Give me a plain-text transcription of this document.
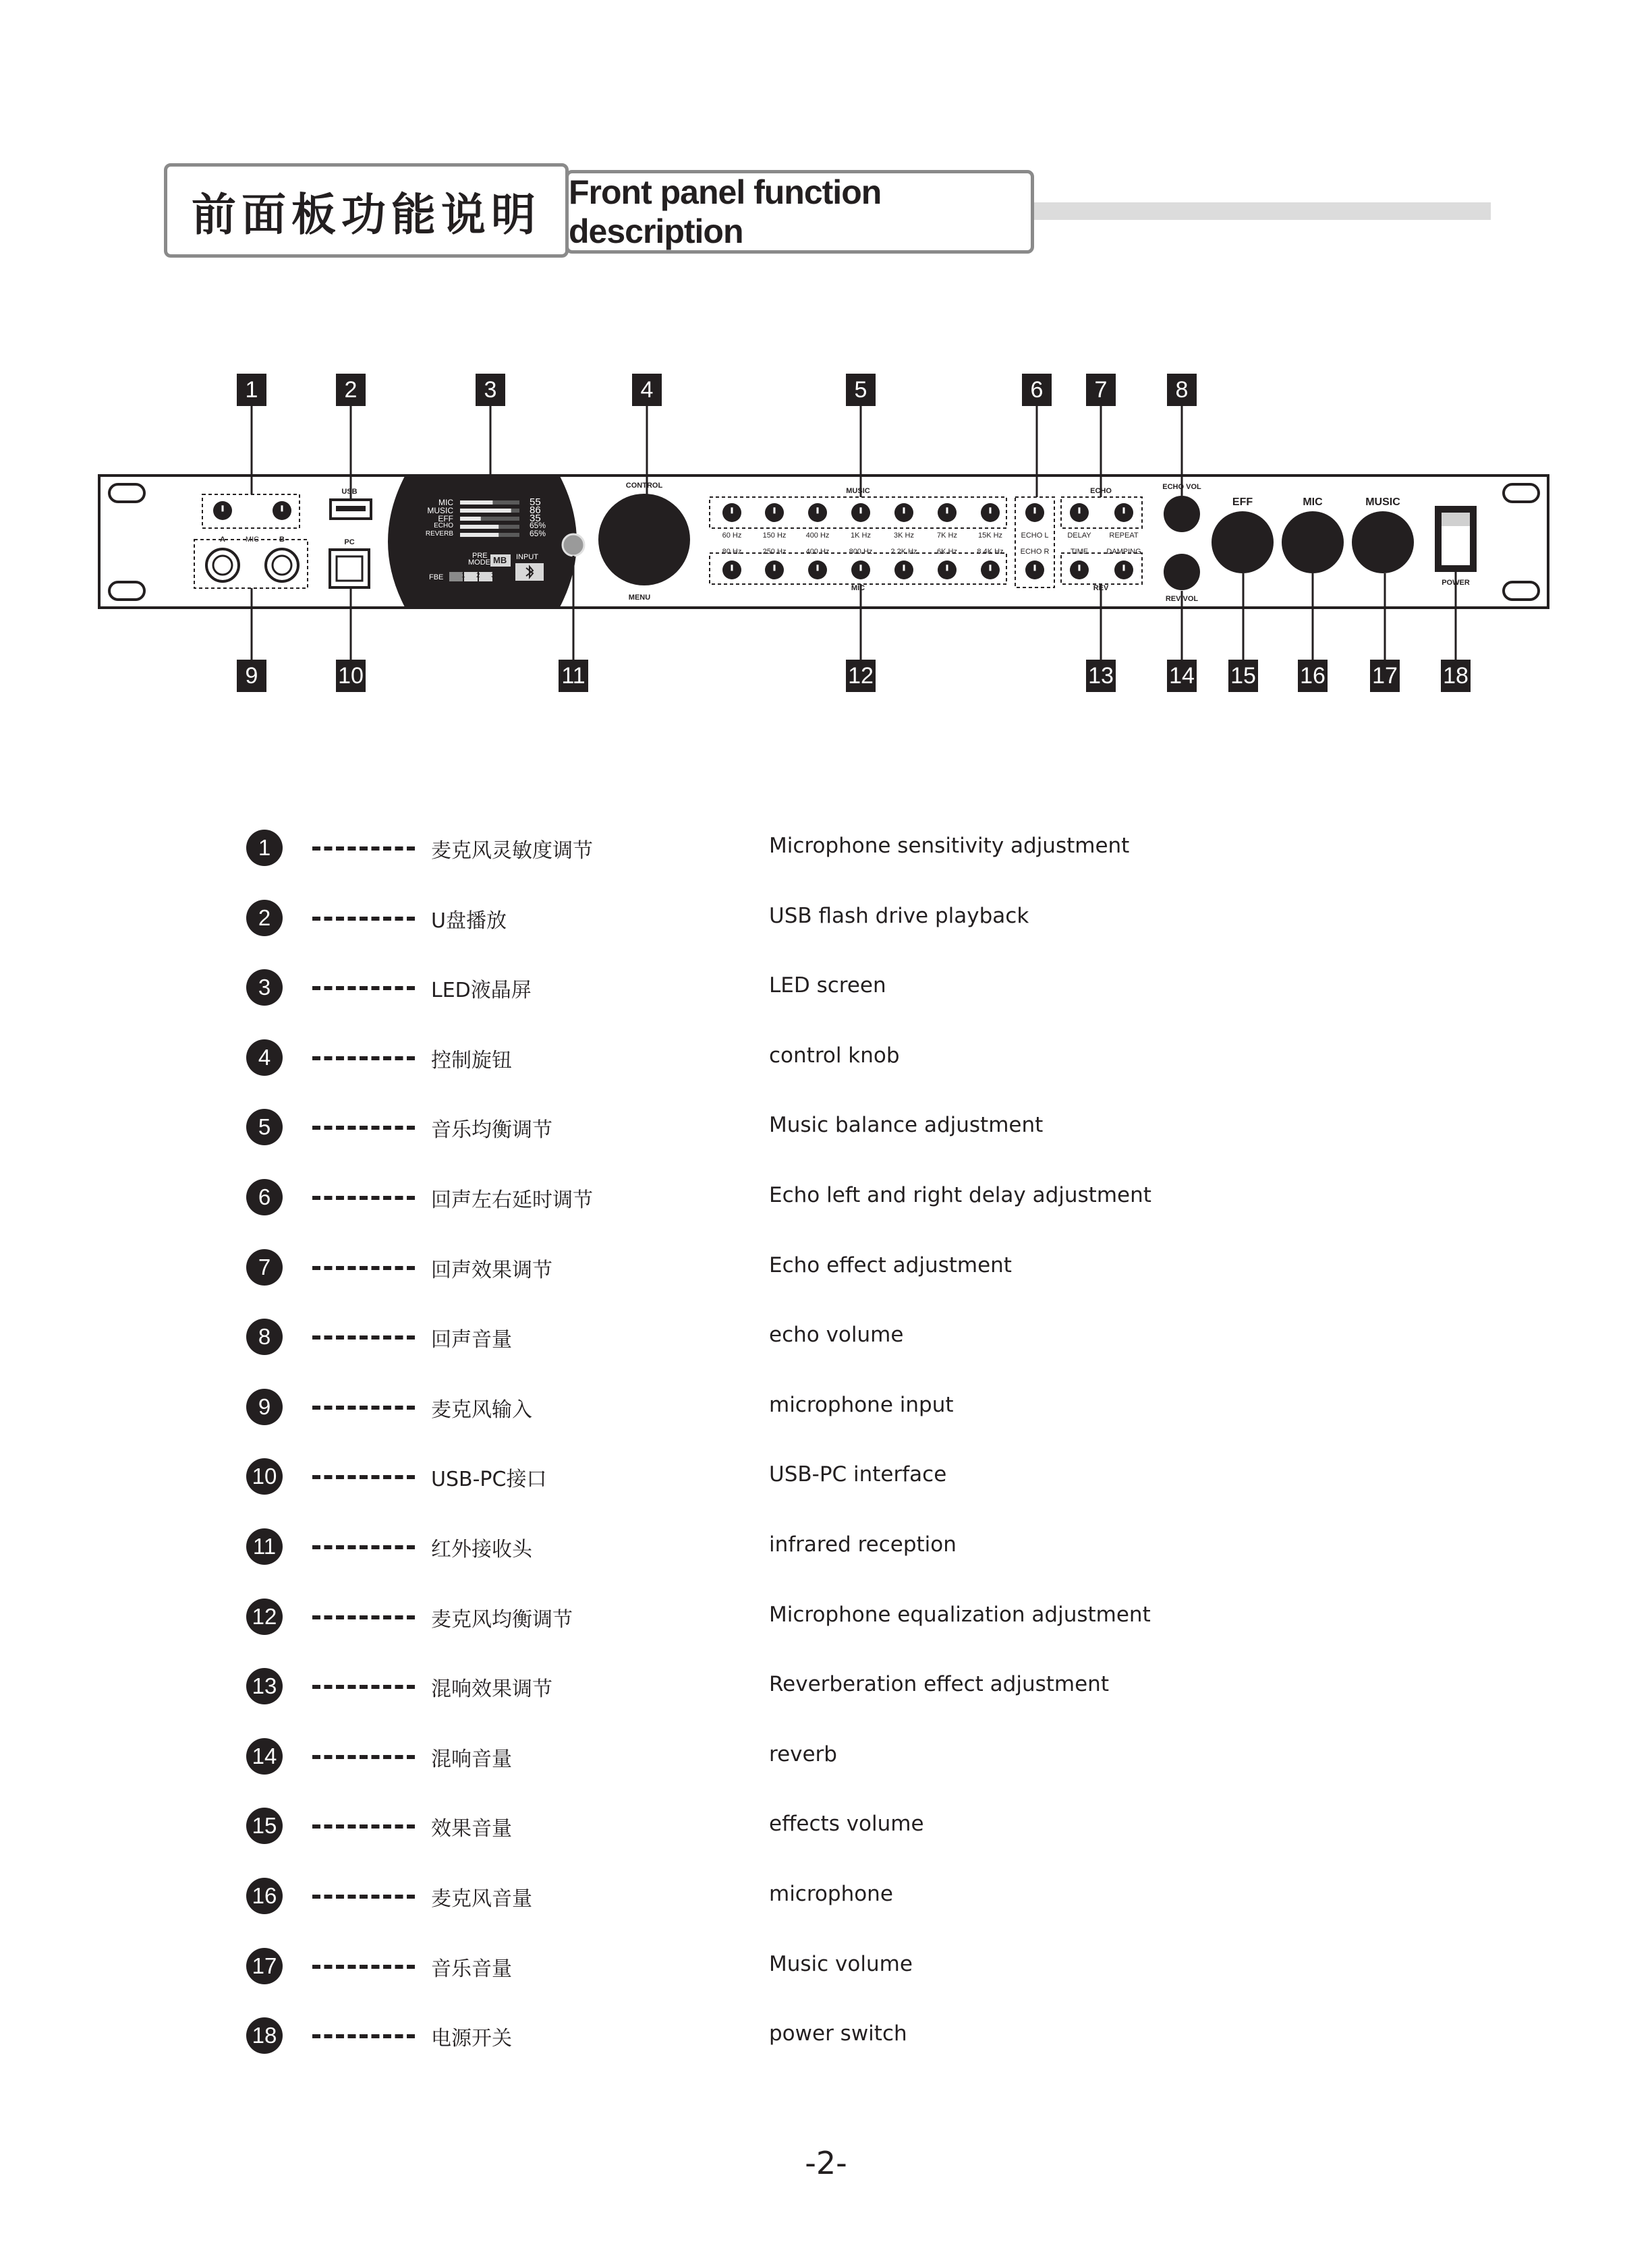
前面板功能说明 Front panel function description
A	MIC	B
USB
PC
MIC	55
MUSIC	86
EFF	35
ECHO	65%
REVERB	65%
PRE
MODE MB INPUT
FBE	1 2 3
CONTROL
MENU
MUSIC
MIC
60 Hz
80 Hz
150 Hz
250 Hz
400 Hz
400 Hz
1K Hz
800 Hz
3K Hz
2.2K Hz
7K Hz
6K Hz
15K Hz
8.4K Hz
ECHO L
ECHO R
ECHO
DELAY REPEAT
TIME DAMPING
REV
ECHO VOL
REV VOL
EFF	MIC	MUSIC
POWER
1	2	3	4	5	6	7	8
9	10	11	12	13 14 15 16 17 18
1	麦克风灵敏度调节	Microphone sensitivity adjustment
2	U盘播放	USB flash drive playback
3	LED液晶屏	LED screen
4	控制旋钮	control knob
5	音乐均衡调节	Music balance adjustment
6	回声左右延时调节	Echo left and right delay adjustment
7	回声效果调节	Echo effect adjustment
8	回声音量	echo volume
9	麦克风输入	microphone input
10	USB-PC接口	USB-PC interface
11	红外接收头	infrared reception
12	麦克风均衡调节	Microphone equalization adjustment
13	混响效果调节	Reverberation effect adjustment
14	混响音量	reverb
15	效果音量	effects volume
16	麦克风音量	microphone
17	音乐音量	Music volume
18	电源开关	power switch
-2-
